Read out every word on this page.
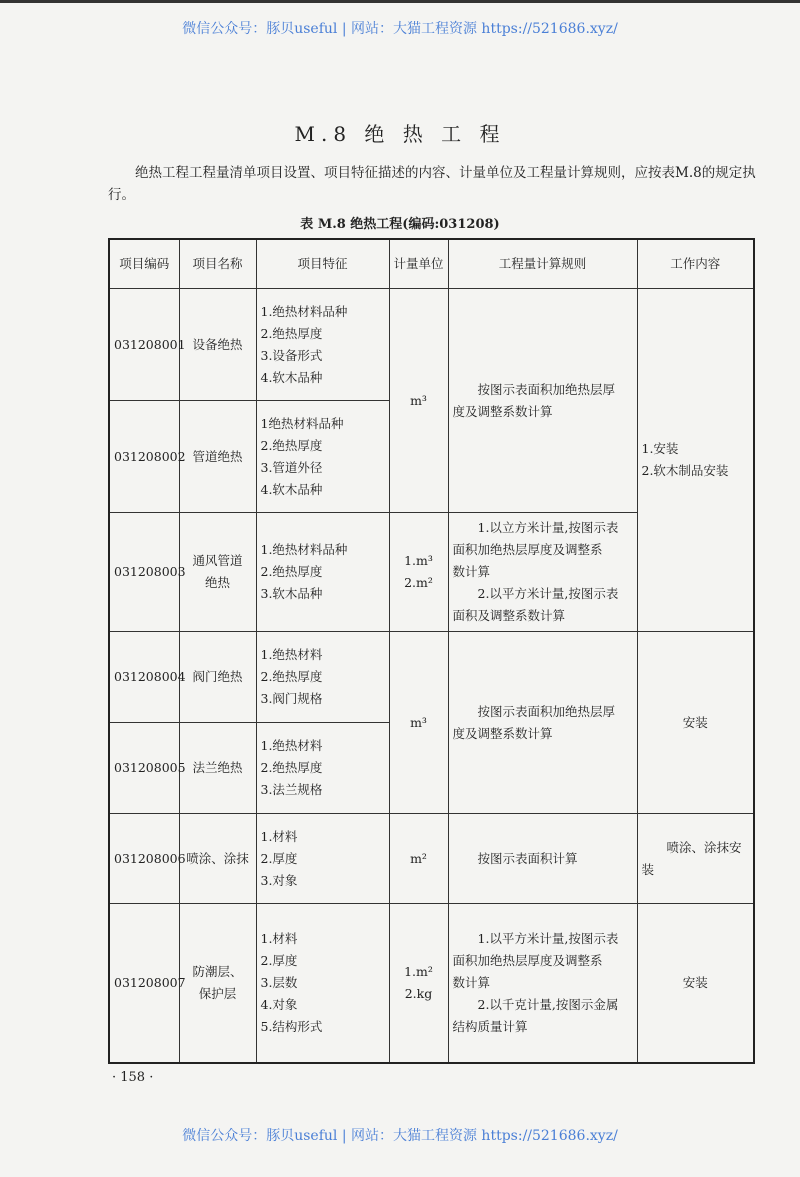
微信公众号：豚贝useful | 网站：大猫工程资源 https://521686.xyz/
M.8 绝 热 工 程
绝热工程工程量清单项目设置、项目特征描述的内容、计量单位及工程量计算规则，应按表M.8的规定执行。
表 M.8 绝热工程(编码:031208)
项目编码	项目名称	项目特征	计量单位	工程量计算规则	工作内容
031208001	设备绝热	1.绝热材料品种
2.绝热厚度
3.设备形式
4.软木品种	m³	按图示表面积加绝热层厚
度及调整系数计算	1.安装
2.软木制品安装

031208002	管道绝热	1绝热材料品种
2.绝热厚度
3.管道外径
4.软木品种			

031208003	通风管道
绝热	1.绝热材料品种
2.绝热厚度
3.软木品种	1.m³
2.m²	1.以立方米计量,按图示表
面积加绝热层厚度及调整系
数计算
2.以平方米计量,按图示表
面积及调整系数计算	

031208004	阀门绝热	1.绝热材料
2.绝热厚度
3.阀门规格	m³	按图示表面积加绝热层厚
度及调整系数计算	安装
031208005	法兰绝热	1.绝热材料
2.绝热厚度
3.法兰规格			

031208006	喷涂、涂抹	1.材料
2.厚度
3.对象	m²	按图示表面积计算	喷涂、涂抹安
装

031208007	防潮层、
保护层	1.材料
2.厚度
3.层数
4.对象
5.结构形式	1.m²
2.kg	1.以平方米计量,按图示表
面积加绝热层厚度及调整系
数计算
2.以千克计量,按图示金属
结构质量计算	安装
· 158 ·
微信公众号：豚贝useful | 网站：大猫工程资源 https://521686.xyz/
